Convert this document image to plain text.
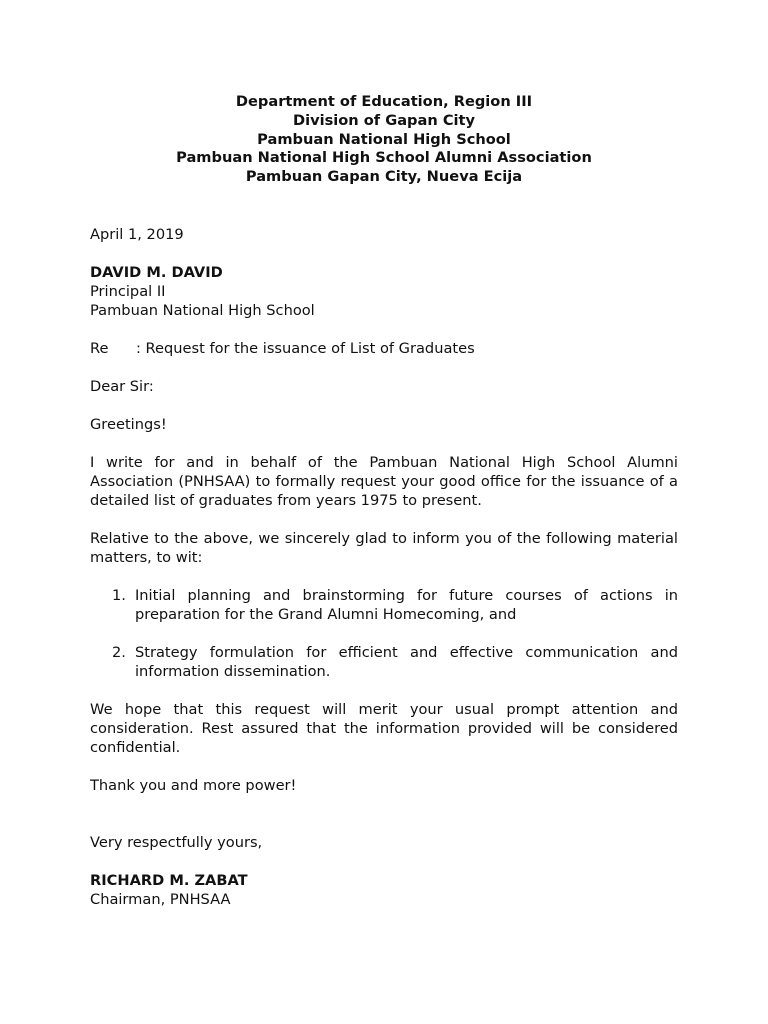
Department of Education, Region III
Division of Gapan City
Pambuan National High School
Pambuan National High School Alumni Association
Pambuan Gapan City, Nueva Ecija
April 1, 2019
DAVID M. DAVID
Principal II
Pambuan National High School
Re : Request for the issuance of List of Graduates
Dear Sir:
Greetings!
I write for and in behalf of the Pambuan National High School Alumni Association (PNHSAA) to formally request your good office for the issuance of a detailed list of graduates from years 1975 to present.
Relative to the above, we sincerely glad to inform you of the following material matters, to wit:
1. Initial planning and brainstorming for future courses of actions in preparation for the Grand Alumni Homecoming, and
2. Strategy formulation for efficient and effective communication and information dissemination.
We hope that this request will merit your usual prompt attention and consideration. Rest assured that the information provided will be considered confidential.
Thank you and more power!
Very respectfully yours,
RICHARD M. ZABAT
Chairman, PNHSAA
